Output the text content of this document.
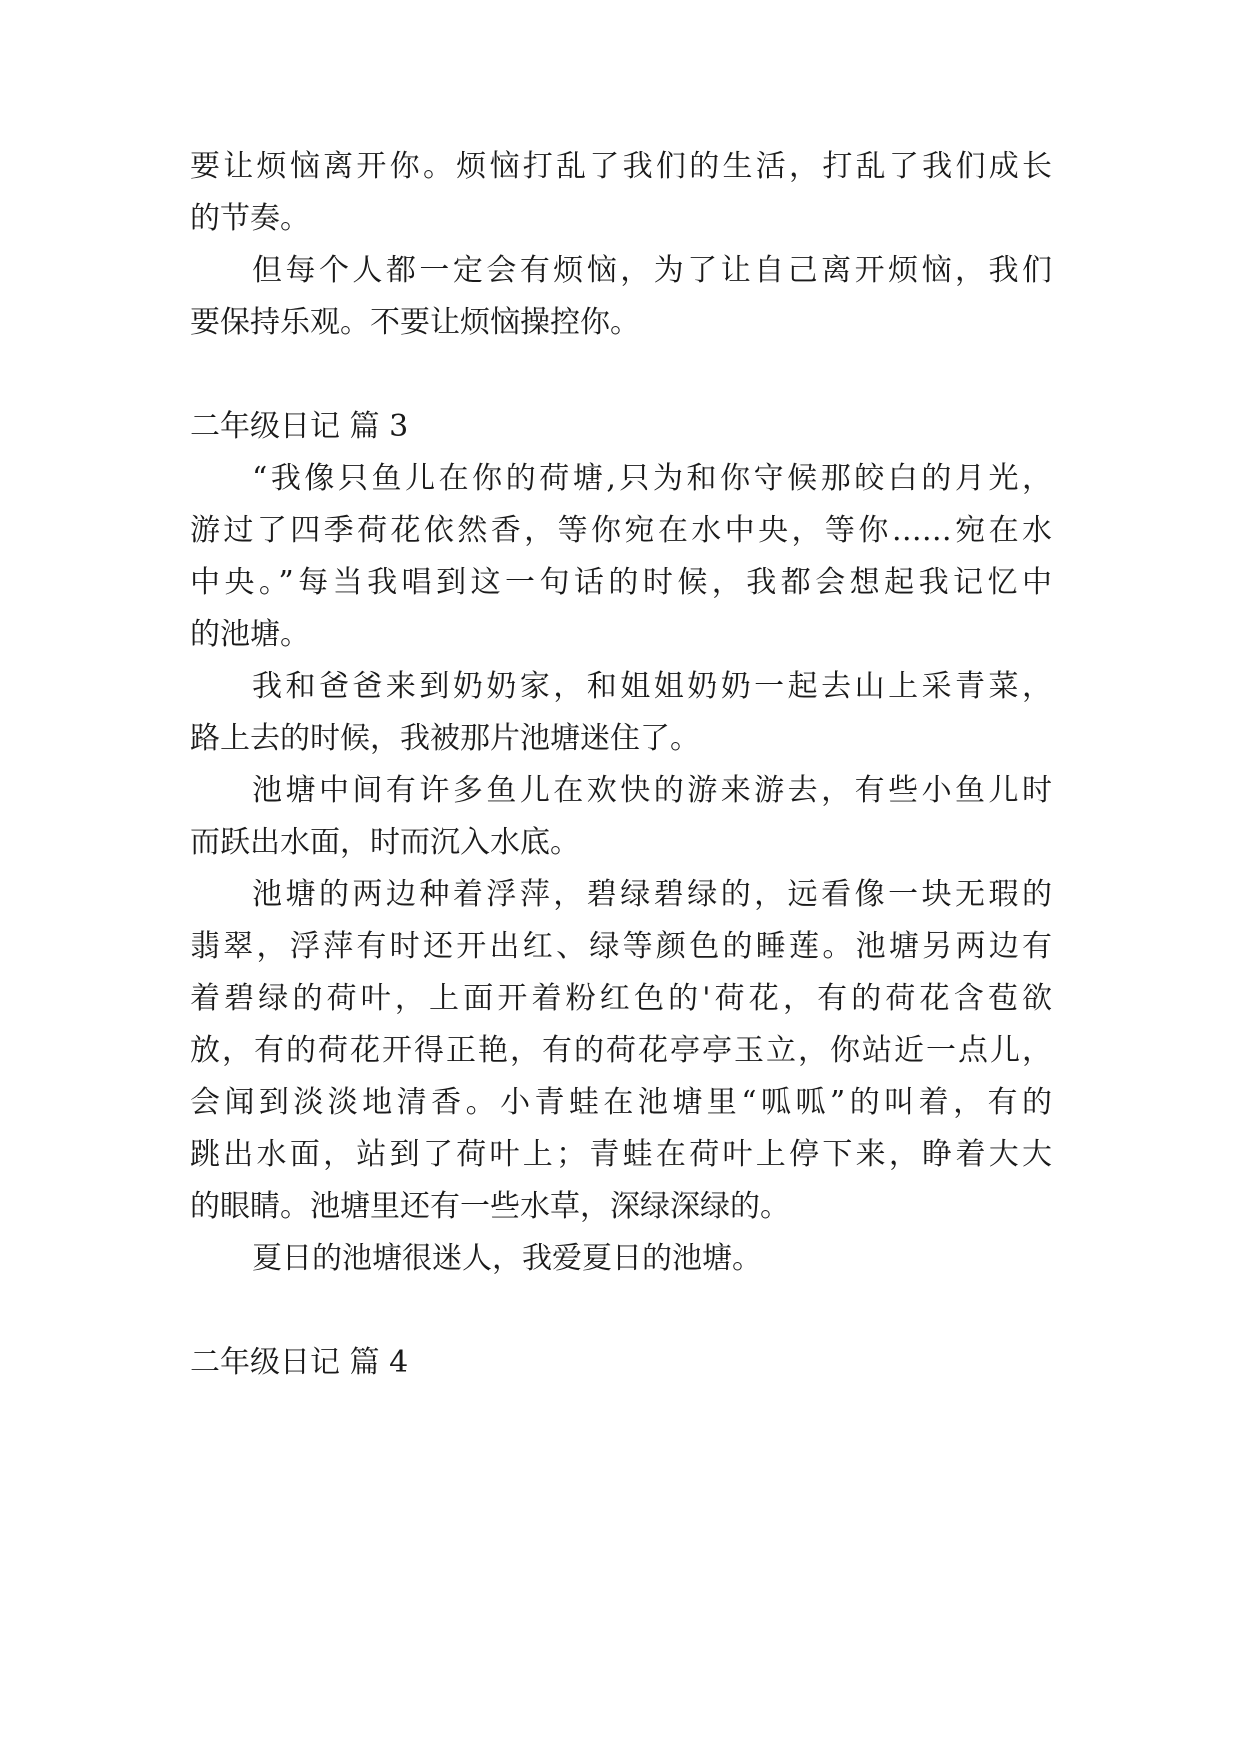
要让烦恼离开你。烦恼打乱了我们的生活，打乱了我们成长
的节奏。
但每个人都一定会有烦恼，为了让自己离开烦恼，我们
要保持乐观。不要让烦恼操控你。
二年级日记 篇 3
“我像只鱼儿在你的荷塘,只为和你守候那皎白的月光，
游过了四季荷花依然香，等你宛在水中央，等你……宛在水
中央。”每当我唱到这一句话的时候，我都会想起我记忆中
的池塘。
我和爸爸来到奶奶家，和姐姐奶奶一起去山上采青菜，
路上去的时候，我被那片池塘迷住了。
池塘中间有许多鱼儿在欢快的游来游去，有些小鱼儿时
而跃出水面，时而沉入水底。
池塘的两边种着浮萍，碧绿碧绿的，远看像一块无瑕的
翡翠，浮萍有时还开出红、绿等颜色的睡莲。池塘另两边有
着碧绿的荷叶，上面开着粉红色的'荷花，有的荷花含苞欲
放，有的荷花开得正艳，有的荷花亭亭玉立，你站近一点儿，
会闻到淡淡地清香。小青蛙在池塘里“呱呱”的叫着，有的
跳出水面，站到了荷叶上；青蛙在荷叶上停下来，睁着大大
的眼睛。池塘里还有一些水草，深绿深绿的。
夏日的池塘很迷人，我爱夏日的池塘。
二年级日记 篇 4
